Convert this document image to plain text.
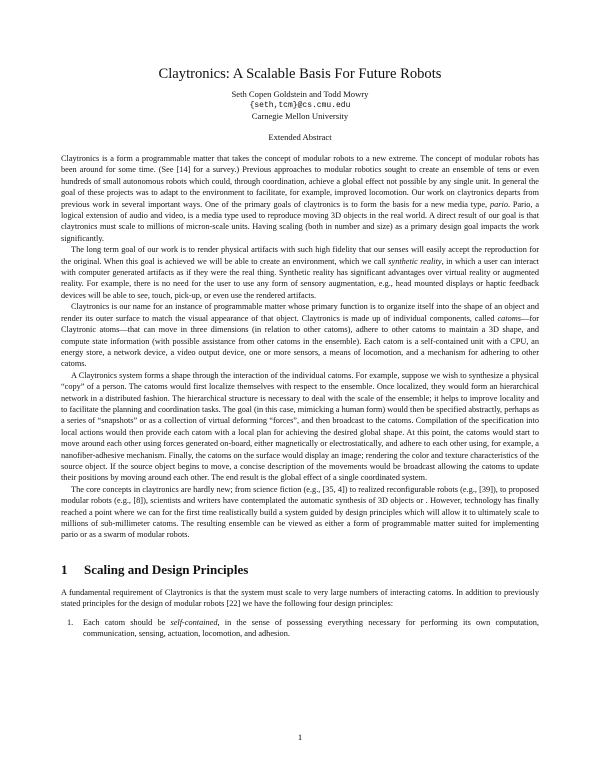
Claytronics: A Scalable Basis For Future Robots
Seth Copen Goldstein and Todd Mowry
{seth,tcm}@cs.cmu.edu
Carnegie Mellon University
Extended Abstract

Claytronics is a form a programmable matter that takes the concept of modular robots to a new extreme. The concept of modular robots has been around for some time. (See [14] for a survey.) Previous approaches to modular robotics sought to create an ensemble of tens or even hundreds of small autonomous robots which could, through coordination, achieve a global effect not possible by any single unit. In general the goal of these projects was to adapt to the environment to facilitate, for example, improved locomotion. Our work on claytronics departs from previous work in several important ways. One of the primary goals of claytronics is to form the basis for a new media type, pario. Pario, a logical extension of audio and video, is a media type used to reproduce moving 3D objects in the real world. A direct result of our goal is that claytronics must scale to millions of micron-scale units. Having scaling (both in number and size) as a primary design goal impacts the work significantly.

The long term goal of our work is to render physical artifacts with such high fidelity that our senses will easily accept the reproduction for the original. When this goal is achieved we will be able to create an environment, which we call synthetic reality, in which a user can interact with computer generated artifacts as if they were the real thing. Synthetic reality has significant advantages over virtual reality or augmented reality. For example, there is no need for the user to use any form of sensory augmentation, e.g., head mounted displays or haptic feedback devices will be able to see, touch, pick-up, or even use the rendered artifacts.

Claytronics is our name for an instance of programmable matter whose primary function is to organize itself into the shape of an object and render its outer surface to match the visual appearance of that object. Claytronics is made up of individual components, called catoms—for Claytronic atoms—that can move in three dimensions (in relation to other catoms), adhere to other catoms to maintain a 3D shape, and compute state information (with possible assistance from other catoms in the ensemble). Each catom is a self-contained unit with a CPU, an energy store, a network device, a video output device, one or more sensors, a means of locomotion, and a mechanism for adhering to other catoms.

A Claytronics system forms a shape through the interaction of the individual catoms. For example, suppose we wish to synthesize a physical “copy” of a person. The catoms would first localize themselves with respect to the ensemble. Once localized, they would form an hierarchical network in a distributed fashion. The hierarchical structure is necessary to deal with the scale of the ensemble; it helps to improve locality and to facilitate the planning and coordination tasks. The goal (in this case, mimicking a human form) would then be specified abstractly, perhaps as a series of “snapshots” or as a collection of virtual deforming “forces”, and then broadcast to the catoms. Compilation of the specification into local actions would then provide each catom with a local plan for achieving the desired global shape. At this point, the catoms would start to move around each other using forces generated on-board, either magnetically or electrostatically, and adhere to each other using, for example, a nanofiber-adhesive mechanism. Finally, the catoms on the surface would display an image; rendering the color and texture characteristics of the source object. If the source object begins to move, a concise description of the movements would be broadcast allowing the catoms to update their positions by moving around each other. The end result is the global effect of a single coordinated system.

The core concepts in claytronics are hardly new; from science fiction (e.g., [35, 4]) to realized reconfigurable robots (e.g., [39]), to proposed modular robots (e.g., [8]), scientists and writers have contemplated the automatic synthesis of 3D objects or . However, technology has finally reached a point where we can for the first time realistically build a system guided by design principles which will allow it to ultimately scale to millions of sub-millimeter catoms. The resulting ensemble can be viewed as either a form of programmable matter suited for implementing pario or as a swarm of modular robots.

1 Scaling and Design Principles
A fundamental requirement of Claytronics is that the system must scale to very large numbers of interacting catoms. In addition to previously stated principles for the design of modular robots [22] we have the following four design principles:
1.	Each catom should be self-contained, in the sense of possessing everything necessary for performing its own computation, communication, sensing, actuation, locomotion, and adhesion.
1
